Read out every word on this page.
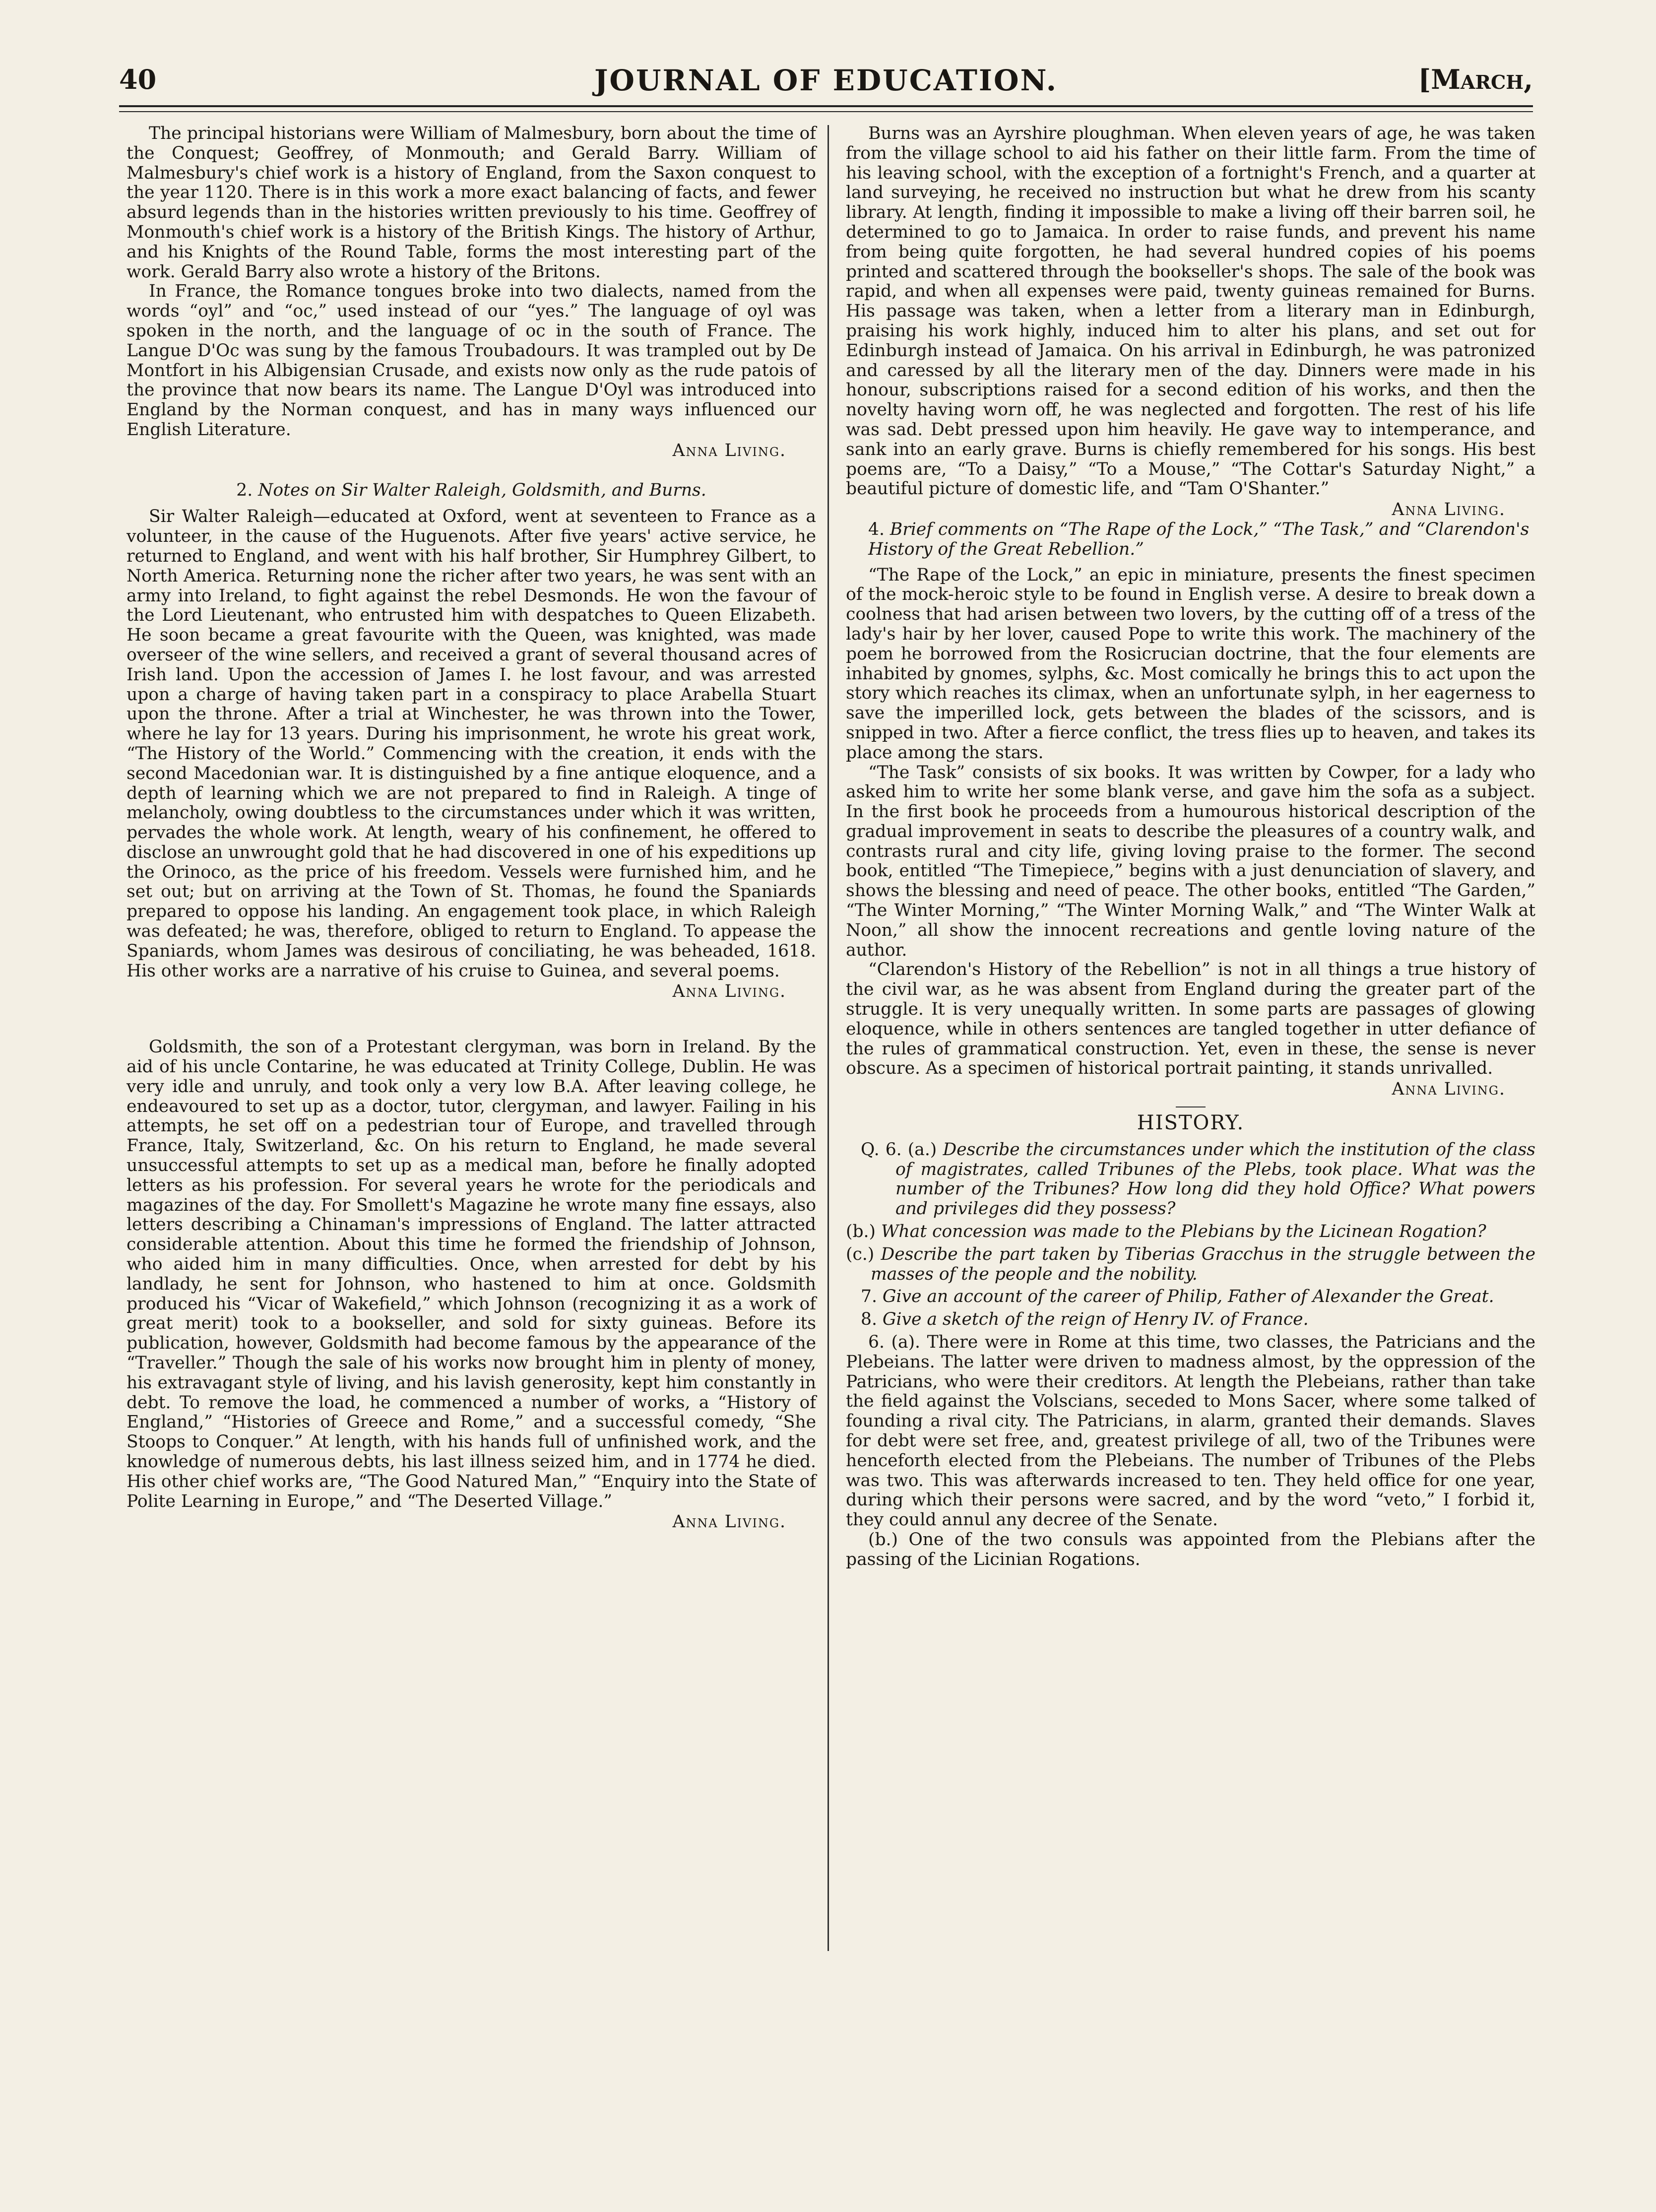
40	JOURNAL OF EDUCATION.	[March,

The principal historians were William of Malmesbury, born about the time of the Conquest; Geoffrey, of Monmouth; and Gerald Barry. William of Malmesbury's chief work is a history of England, from the Saxon conquest to the year 1120. There is in this work a more exact balancing of facts, and fewer absurd legends than in the histories written previously to his time. Geoffrey of Monmouth's chief work is a history of the British Kings. The history of Arthur, and his Knights of the Round Table, forms the most interesting part of the work. Gerald Barry also wrote a history of the Britons.

In France, the Romance tongues broke into two dialects, named from the words “oyl” and “oc,” used instead of our “yes.” The language of oyl was spoken in the north, and the language of oc in the south of France. The Langue D'Oc was sung by the famous Troubadours. It was trampled out by De Montfort in his Albigensian Crusade, and exists now only as the rude patois of the province that now bears its name. The Langue D'Oyl was introduced into England by the Norman conquest, and has in many ways influenced our English Literature.

Anna Living.

2. Notes on Sir Walter Raleigh, Goldsmith, and Burns.

Sir Walter Raleigh—educated at Oxford, went at seventeen to France as a volunteer, in the cause of the Huguenots. After five years' active service, he returned to England, and went with his half brother, Sir Humphrey Gilbert, to North America. Returning none the richer after two years, he was sent with an army into Ireland, to fight against the rebel Desmonds. He won the favour of the Lord Lieutenant, who entrusted him with despatches to Queen Elizabeth. He soon became a great favourite with the Queen, was knighted, was made overseer of the wine sellers, and received a grant of several thousand acres of Irish land. Upon the accession of James I. he lost favour, and was arrested upon a charge of having taken part in a conspiracy to place Arabella Stuart upon the throne. After a trial at Winchester, he was thrown into the Tower, where he lay for 13 years. During his imprisonment, he wrote his great work, “The History of the World.” Commencing with the creation, it ends with the second Macedonian war. It is distinguished by a fine antique eloquence, and a depth of learning which we are not prepared to find in Raleigh. A tinge of melancholy, owing doubtless to the circumstances under which it was written, pervades the whole work. At length, weary of his confinement, he offered to disclose an unwrought gold that he had discovered in one of his expeditions up the Orinoco, as the price of his freedom. Vessels were furnished him, and he set out; but on arriving at the Town of St. Thomas, he found the Spaniards prepared to oppose his landing. An engagement took place, in which Raleigh was defeated; he was, therefore, obliged to return to England. To appease the Spaniards, whom James was desirous of conciliating, he was beheaded, 1618. His other works are a narrative of his cruise to Guinea, and several poems.

Anna Living.

Goldsmith, the son of a Protestant clergyman, was born in Ireland. By the aid of his uncle Contarine, he was educated at Trinity College, Dublin. He was very idle and unruly, and took only a very low B.A. After leaving college, he endeavoured to set up as a doctor, tutor, clergyman, and lawyer. Failing in his attempts, he set off on a pedestrian tour of Europe, and travelled through France, Italy, Switzerland, &c. On his return to England, he made several unsuccessful attempts to set up as a medical man, before he finally adopted letters as his profession. For several years he wrote for the periodicals and magazines of the day. For Smollett's Magazine he wrote many fine essays, also letters describing a Chinaman's impressions of England. The latter attracted considerable attention. About this time he formed the friendship of Johnson, who aided him in many difficulties. Once, when arrested for debt by his landlady, he sent for Johnson, who hastened to him at once. Goldsmith produced his “Vicar of Wakefield,” which Johnson (recognizing it as a work of great merit) took to a bookseller, and sold for sixty guineas. Before its publication, however, Goldsmith had become famous by the appearance of the “Traveller.” Though the sale of his works now brought him in plenty of money, his extravagant style of living, and his lavish generosity, kept him constantly in debt. To remove the load, he commenced a number of works, a “History of England,” “Histories of Greece and Rome,” and a successful comedy, “She Stoops to Conquer.” At length, with his hands full of unfinished work, and the knowledge of numerous debts, his last illness seized him, and in 1774 he died. His other chief works are, “The Good Natured Man,” “Enquiry into the State of Polite Learning in Europe,” and “The Deserted Village.”

Anna Living.

Burns was an Ayrshire ploughman. When eleven years of age, he was taken from the village school to aid his father on their little farm. From the time of his leaving school, with the exception of a fortnight's French, and a quarter at land surveying, he received no instruction but what he drew from his scanty library. At length, finding it impossible to make a living off their barren soil, he determined to go to Jamaica. In order to raise funds, and prevent his name from being quite forgotten, he had several hundred copies of his poems printed and scattered through the bookseller's shops. The sale of the book was rapid, and when all expenses were paid, twenty guineas remained for Burns. His passage was taken, when a letter from a literary man in Edinburgh, praising his work highly, induced him to alter his plans, and set out for Edinburgh instead of Jamaica. On his arrival in Edinburgh, he was patronized and caressed by all the literary men of the day. Dinners were made in his honour, subscriptions raised for a second edition of his works, and then the novelty having worn off, he was neglected and forgotten. The rest of his life was sad. Debt pressed upon him heavily. He gave way to intemperance, and sank into an early grave. Burns is chiefly remembered for his songs. His best poems are, “To a Daisy,” “To a Mouse,” “The Cottar's Saturday Night,” a beautiful picture of domestic life, and “Tam O'Shanter.”

Anna Living.

4. Brief comments on “The Rape of the Lock,” “The Task,” and “Clarendon's History of the Great Rebellion.”

“The Rape of the Lock,” an epic in miniature, presents the finest specimen of the mock-heroic style to be found in English verse. A desire to break down a coolness that had arisen between two lovers, by the cutting off of a tress of the lady's hair by her lover, caused Pope to write this work. The machinery of the poem he borrowed from the Rosicrucian doctrine, that the four elements are inhabited by gnomes, sylphs, &c. Most comically he brings this to act upon the story which reaches its climax, when an unfortunate sylph, in her eagerness to save the imperilled lock, gets between the blades of the scissors, and is snipped in two. After a fierce conflict, the tress flies up to heaven, and takes its place among the stars.

“The Task” consists of six books. It was written by Cowper, for a lady who asked him to write her some blank verse, and gave him the sofa as a subject. In the first book he proceeds from a humourous historical description of the gradual improvement in seats to describe the pleasures of a country walk, and contrasts rural and city life, giving loving praise to the former. The second book, entitled “The Timepiece,” begins with a just denunciation of slavery, and shows the blessing and need of peace. The other books, entitled “The Garden,” “The Winter Morning,” “The Winter Morning Walk,” and “The Winter Walk at Noon,” all show the innocent recreations and gentle loving nature of the author.

“Clarendon's History of the Rebellion” is not in all things a true history of the civil war, as he was absent from England during the greater part of the struggle. It is very unequally written. In some parts are passages of glowing eloquence, while in others sentences are tangled together in utter defiance of the rules of grammatical construction. Yet, even in these, the sense is never obscure. As a specimen of historical portrait painting, it stands unrivalled.

Anna Living.

HISTORY.

Q. 6. (a.) Describe the circumstances under which the institution of the class of magistrates, called Tribunes of the Plebs, took place. What was the number of the Tribunes? How long did they hold Office? What powers and privileges did they possess?

(b.) What concession was made to the Plebians by the Licinean Rogation?

(c.) Describe the part taken by Tiberias Gracchus in the struggle between the masses of the people and the nobility.

7. Give an account of the career of Philip, Father of Alexander the Great.

8. Give a sketch of the reign of Henry IV. of France.

6. (a). There were in Rome at this time, two classes, the Patricians and the Plebeians. The latter were driven to madness almost, by the oppression of the Patricians, who were their creditors. At length the Plebeians, rather than take the field against the Volscians, seceded to Mons Sacer, where some talked of founding a rival city. The Patricians, in alarm, granted their demands. Slaves for debt were set free, and, greatest privilege of all, two of the Tribunes were henceforth elected from the Plebeians. The number of Tribunes of the Plebs was two. This was afterwards increased to ten. They held office for one year, during which their persons were sacred, and by the word “veto,” I forbid it, they could annul any decree of the Senate.

(b.) One of the two consuls was appointed from the Plebians after the passing of the Licinian Rogations.
